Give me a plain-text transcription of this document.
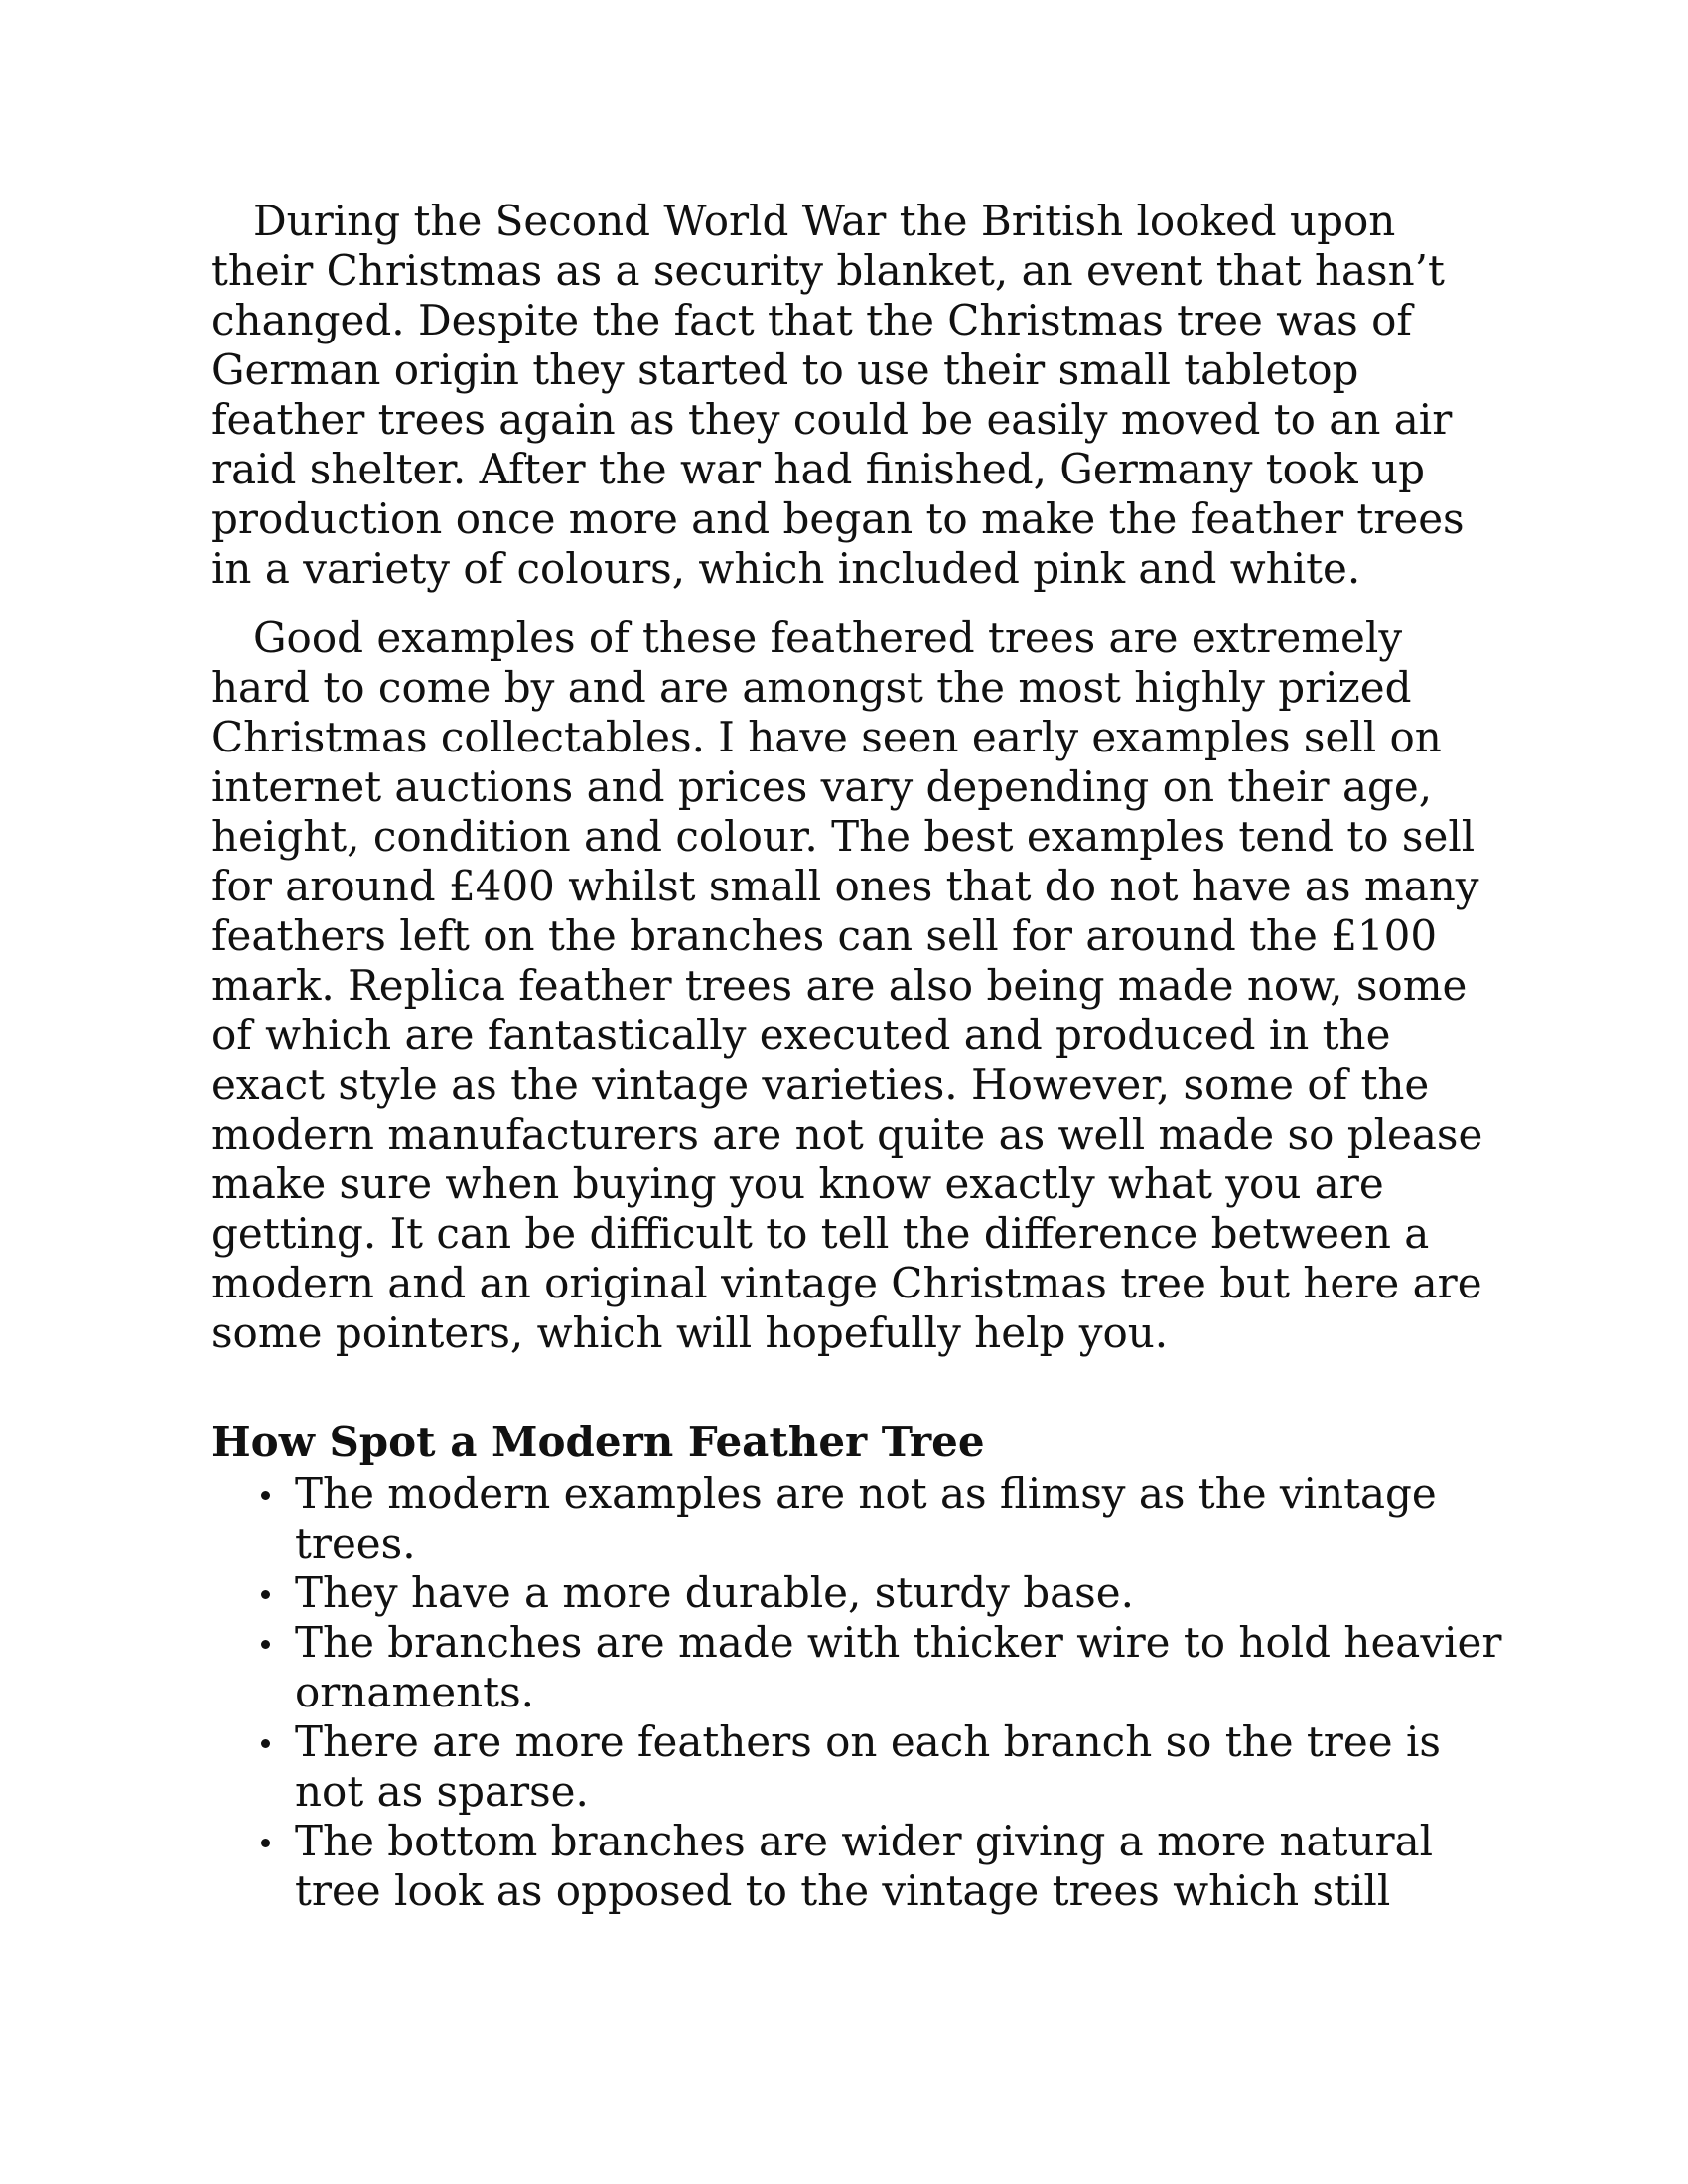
During the Second World War the British looked upon their Christmas as a security blanket, an event that hasn’t changed. Despite the fact that the Christmas tree was of German origin they started to use their small tabletop feather trees again as they could be easily moved to an air raid shelter. After the war had finished, Germany took up production once more and began to make the feather trees in a variety of colours, which included pink and white.

Good examples of these feathered trees are extremely hard to come by and are amongst the most highly prized Christmas collectables. I have seen early examples sell on internet auctions and prices vary depending on their age, height, condition and colour. The best examples tend to sell for around £400 whilst small ones that do not have as many feathers left on the branches can sell for around the £100 mark. Replica feather trees are also being made now, some of which are fantastically executed and produced in the exact style as the vintage varieties. However, some of the modern manufacturers are not quite as well made so please make sure when buying you know exactly what you are getting. It can be difficult to tell the difference between a modern and an original vintage Christmas tree but here are some pointers, which will hopefully help you.

How Spot a Modern Feather Tree
The modern examples are not as flimsy as the vintage trees.
They have a more durable, sturdy base.
The branches are made with thicker wire to hold heavier ornaments.
There are more feathers on each branch so the tree is not as sparse.
The bottom branches are wider giving a more natural tree look as opposed to the vintage trees which still
